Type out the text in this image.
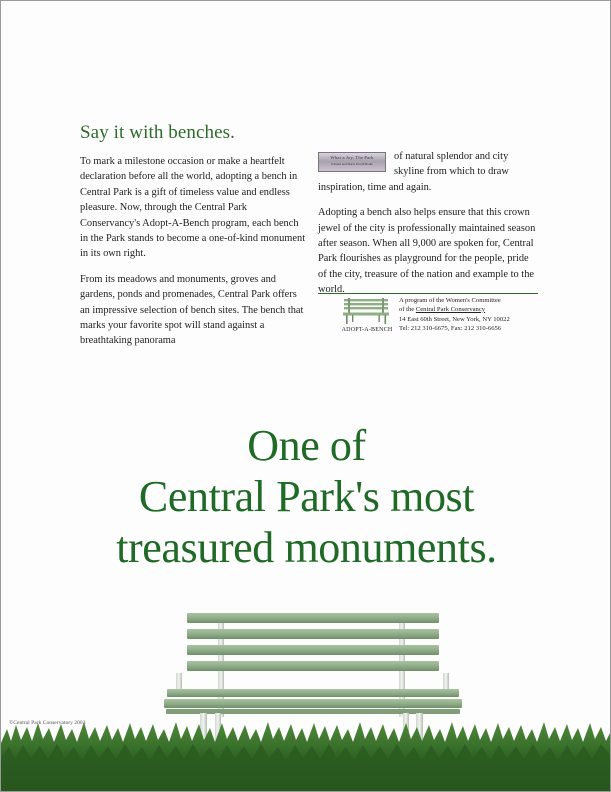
Say it with benches.

To mark a milestone occasion or make a heartfelt declaration before all the world, adopting a bench in Central Park is a gift of timeless value and endless pleasure. Now, through the Central Park Conservancy's Adopt-A-Bench program, each bench in the Park stands to become a one-of-kind monument in its own right.

From its meadows and monuments, groves and gardens, ponds and promenades, Central Park offers an impressive selection of bench sites. The bench that marks your favorite spot will stand against a breathtaking panorama

What a Joy, The Park
Edward and Maria Pacelli Bodie

of natural splendor and city skyline from which to draw inspiration, time and again.

Adopting a bench also helps ensure that this crown jewel of the city is professionally maintained season after season. When all 9,000 are spoken for, Central Park flourishes as playground for the people, pride of the city, treasure of the nation and example to the world.

ADOPT-A-BENCH
A program of the Women's Committee
of the Central Park Conservancy
14 East 60th Street, New York, NY 10022
Tel: 212 310-6675, Fax: 212 310-6656
One of
Central Park's most
treasured monuments.
©Central Park Conservatory 2003
